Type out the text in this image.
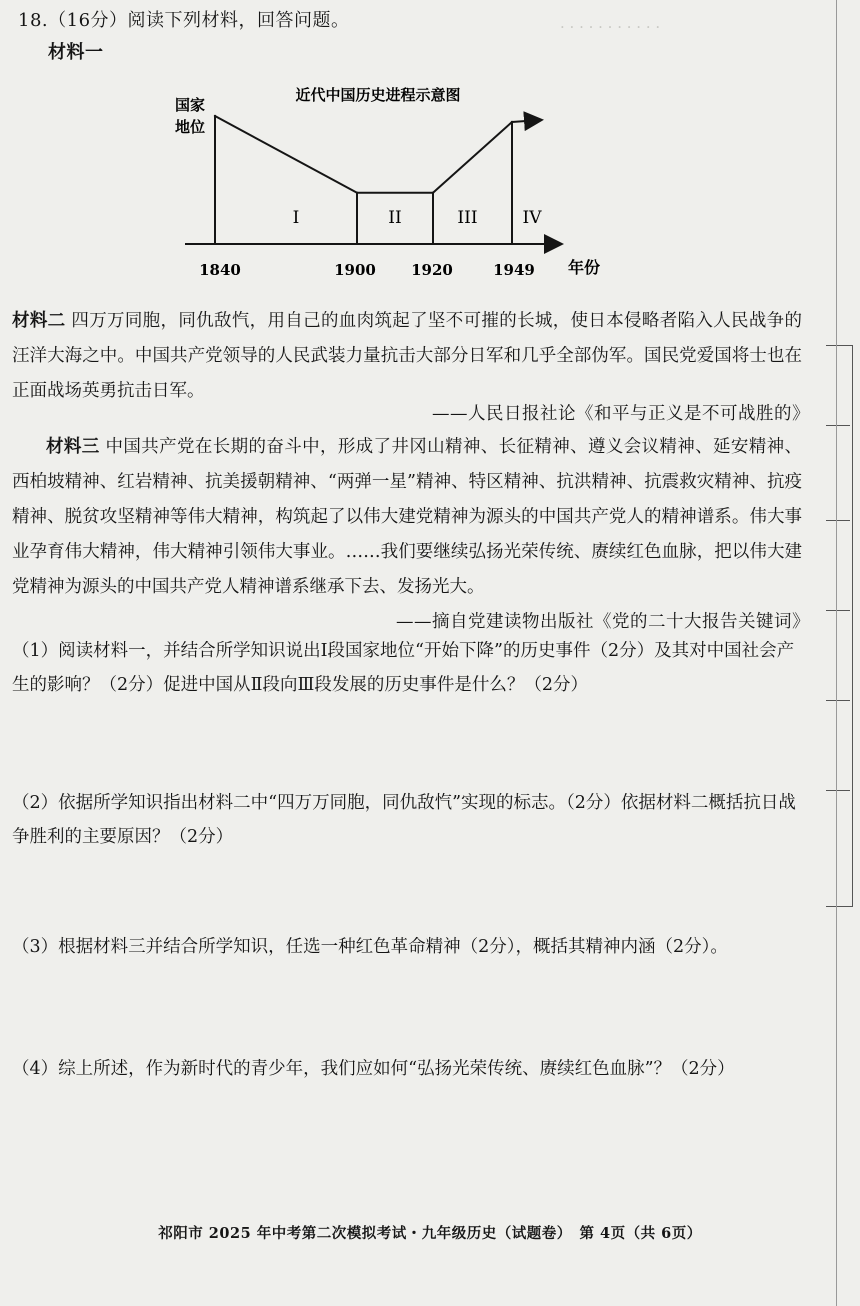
· · · · · · · · · · ·
18.（16分）阅读下列材料，回答问题。
材料一
近代中国历史进程示意图
国家
地位
年份
I	II	III	IV
1840	1900 1920	1949
材料二 四万万同胞，同仇敌忾，用自己的血肉筑起了坚不可摧的长城，使日本侵略者陷入人民战争的汪洋大海之中。中国共产党领导的人民武装力量抗击大部分日军和几乎全部伪军。国民党爱国将士也在正面战场英勇抗击日军。
——人民日报社论《和平与正义是不可战胜的》
材料三 中国共产党在长期的奋斗中，形成了井冈山精神、长征精神、遵义会议精神、延安精神、西柏坡精神、红岩精神、抗美援朝精神、“两弹一星”精神、特区精神、抗洪精神、抗震救灾精神、抗疫精神、脱贫攻坚精神等伟大精神，构筑起了以伟大建党精神为源头的中国共产党人的精神谱系。伟大事业孕育伟大精神，伟大精神引领伟大事业。……我们要继续弘扬光荣传统、赓续红色血脉，把以伟大建党精神为源头的中国共产党人精神谱系继承下去、发扬光大。
——摘自党建读物出版社《党的二十大报告关键词》
（1）阅读材料一，并结合所学知识说出Ⅰ段国家地位“开始下降”的历史事件（2分）及其对中国社会产生的影响？（2分）促进中国从Ⅱ段向Ⅲ段发展的历史事件是什么？（2分）
（2）依据所学知识指出材料二中“四万万同胞，同仇敌忾”实现的标志。（2分）依据材料二概括抗日战争胜利的主要原因？（2分）
（3）根据材料三并结合所学知识，任选一种红色革命精神（2分），概括其精神内涵（2分）。
（4）综上所述，作为新时代的青少年，我们应如何“弘扬光荣传统、赓续红色血脉”？（2分）
祁阳市 2025 年中考第二次模拟考试・九年级历史（试题卷）　第 4页（共 6页）
